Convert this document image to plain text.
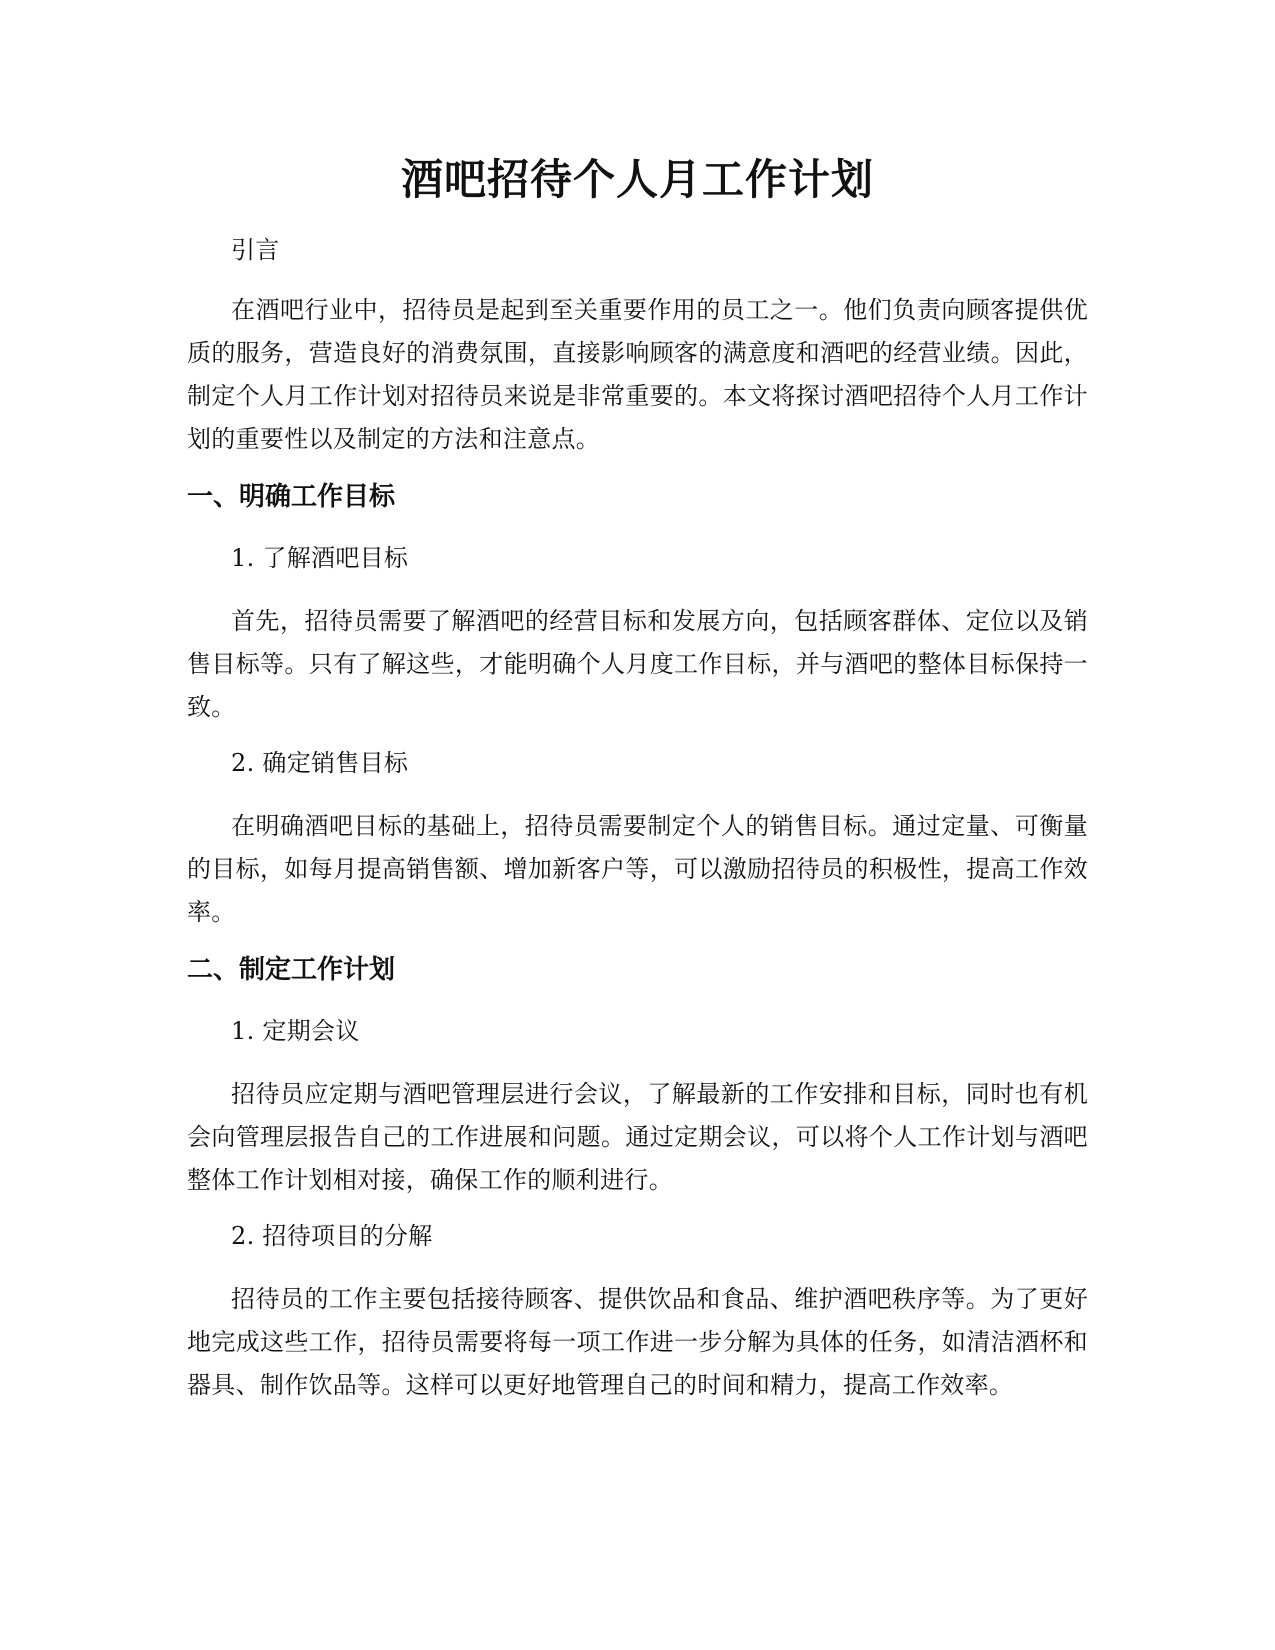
酒吧招待个人月工作计划

引言

在酒吧行业中，招待员是起到至关重要作用的员工之一。他们负责向顾客提供优质的服务，营造良好的消费氛围，直接影响顾客的满意度和酒吧的经营业绩。因此，制定个人月工作计划对招待员来说是非常重要的。本文将探讨酒吧招待个人月工作计划的重要性以及制定的方法和注意点。

一、明确工作目标

1. 了解酒吧目标

首先，招待员需要了解酒吧的经营目标和发展方向，包括顾客群体、定位以及销售目标等。只有了解这些，才能明确个人月度工作目标，并与酒吧的整体目标保持一致。

2. 确定销售目标

在明确酒吧目标的基础上，招待员需要制定个人的销售目标。通过定量、可衡量的目标，如每月提高销售额、增加新客户等，可以激励招待员的积极性，提高工作效率。

二、制定工作计划

1. 定期会议

招待员应定期与酒吧管理层进行会议，了解最新的工作安排和目标，同时也有机会向管理层报告自己的工作进展和问题。通过定期会议，可以将个人工作计划与酒吧整体工作计划相对接，确保工作的顺利进行。

2. 招待项目的分解

招待员的工作主要包括接待顾客、提供饮品和食品、维护酒吧秩序等。为了更好地完成这些工作，招待员需要将每一项工作进一步分解为具体的任务，如清洁酒杯和器具、制作饮品等。这样可以更好地管理自己的时间和精力，提高工作效率。
